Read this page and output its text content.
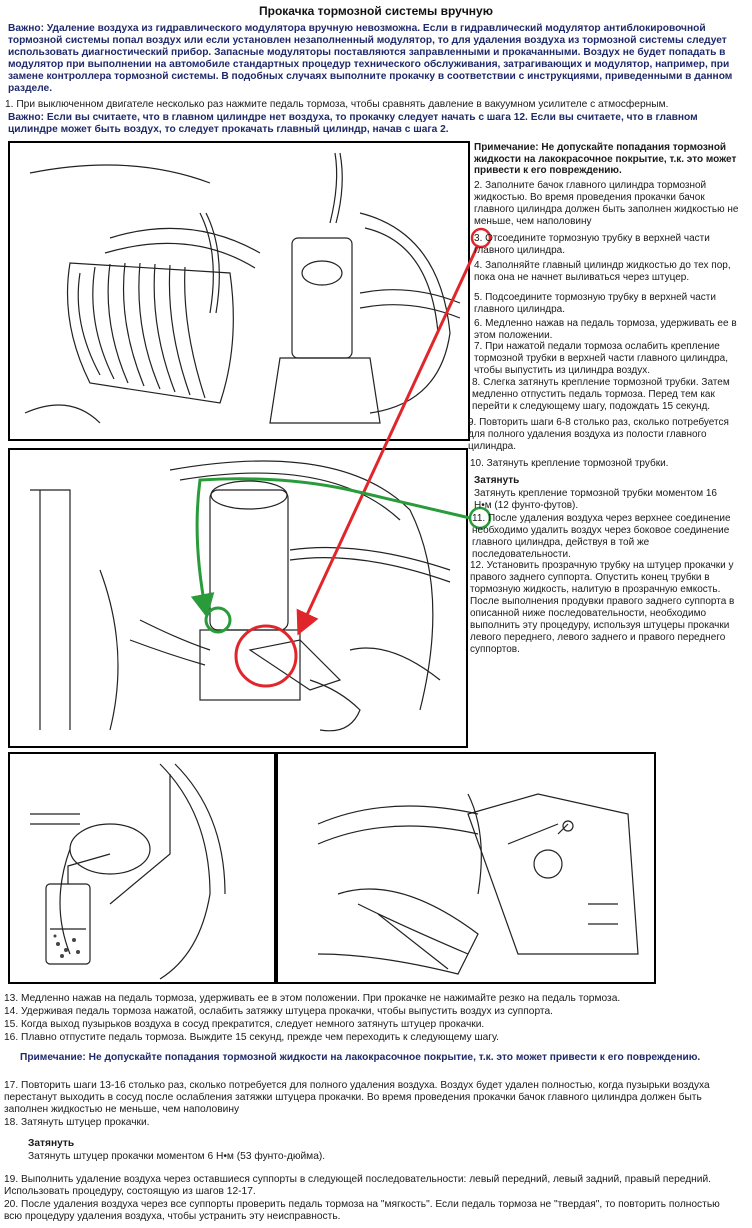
Прокачка тормозной системы вручную
Важно: Удаление воздуха из гидравлического модулятора вручную невозможна. Если в гидравлический модулятор антиблокировочной тормозной системы попал воздух или если установлен незаполненный модулятор, то для удаления воздуха из тормозной системы следует использовать диагностический прибор. Запасные модуляторы поставляются заправленными и прокачанными. Воздух не будет попадать в модулятор при выполнении на автомобиле стандартных процедур технического обслуживания, затрагивающих и модулятор, например, при замене контроллера тормозной системы. В подобных случаях выполните прокачку в соответствии с инструкциями, приведенными в данном разделе.
1. При выключенном двигателе несколько раз нажмите педаль тормоза, чтобы сравнять давление в вакуумном усилителе с атмосферным.
Важно: Если вы считаете, что в главном цилиндре нет воздуха, то прокачку следует начать с шага 12. Если вы считаете, что в главном цилиндре может быть воздух, то следует прокачать главный цилиндр, начав с шага 2.
Примечание: Не допускайте попадания тормозной жидкости на лакокрасочное покрытие, т.к. это может привести к его повреждению.
2. Заполните бачок главного цилиндра тормозной жидкостью. Во время проведения прокачки бачок главного цилиндра должен быть заполнен жидкостью не меньше, чем наполовину
3. Отсоедините тормозную трубку в верхней части главного цилиндра.
4. Заполняйте главный цилиндр жидкостью до тех пор, пока она не начнет выливаться через штуцер.
5. Подсоедините тормозную трубку в верхней части главного цилиндра.
6. Медленно нажав на педаль тормоза, удерживать ее в этом положении.
7. При нажатой педали тормоза ослабить крепление тормозной трубки в верхней части главного цилиндра, чтобы выпустить из цилиндра воздух.
8. Слегка затянуть крепление тормозной трубки. Затем медленно отпустить педаль тормоза. Перед тем как перейти к следующему шагу, подождать 15 секунд.
9. Повторить шаги 6-8 столько раз, сколько потребуется для полного удаления воздуха из полости главного цилиндра.
10. Затянуть крепление тормозной трубки.
Затянуть
Затянуть крепление тормозной трубки моментом 16 Н•м (12 фунто-футов).
11. После удаления воздуха через верхнее соединение необходимо удалить воздух через боковое соединение главного цилиндра, действуя в той же последовательности.
12. Установить прозрачную трубку на штуцер прокачки у правого заднего суппорта. Опустить конец трубки в тормозную жидкость, налитую в прозрачную емкость. После выполнения продувки правого заднего суппорта в описанной ниже последовательности, необходимо выполнить эту процедуру, используя штуцеры прокачки левого переднего, левого заднего и правого переднего суппортов.
13. Медленно нажав на педаль тормоза, удерживать ее в этом положении. При прокачке не нажимайте резко на педаль тормоза.
14. Удерживая педаль тормоза нажатой, ослабить затяжку штуцера прокачки, чтобы выпустить воздух из суппорта.
15. Когда выход пузырьков воздуха в сосуд прекратится, следует немного затянуть штуцер прокачки.
16. Плавно отпустите педаль тормоза. Выждите 15 секунд, прежде чем переходить к следующему шагу.
Примечание: Не допускайте попадания тормозной жидкости на лакокрасочное покрытие, т.к. это может привести к его повреждению.
17. Повторить шаги 13-16 столько раз, сколько потребуется для полного удаления воздуха. Воздух будет удален полностью, когда пузырьки воздуха перестанут выходить в сосуд после ослабления затяжки штуцера прокачки. Во время проведения прокачки бачок главного цилиндра должен быть заполнен жидкостью не меньше, чем наполовину
18. Затянуть штуцер прокачки.
Затянуть
Затянуть штуцер прокачки моментом 6 Н•м (53 фунто-дюйма).
19. Выполнить удаление воздуха через оставшиеся суппорты в следующей последовательности: левый передний, левый задний, правый передний. Использовать процедуру, состоящую из шагов 12-17.
20. После удаления воздуха через все суппорты проверить педаль тормоза на "мягкость". Если педаль тормоза не "твердая", то повторить полностью всю процедуру удаления воздуха, чтобы устранить эту неисправность.
